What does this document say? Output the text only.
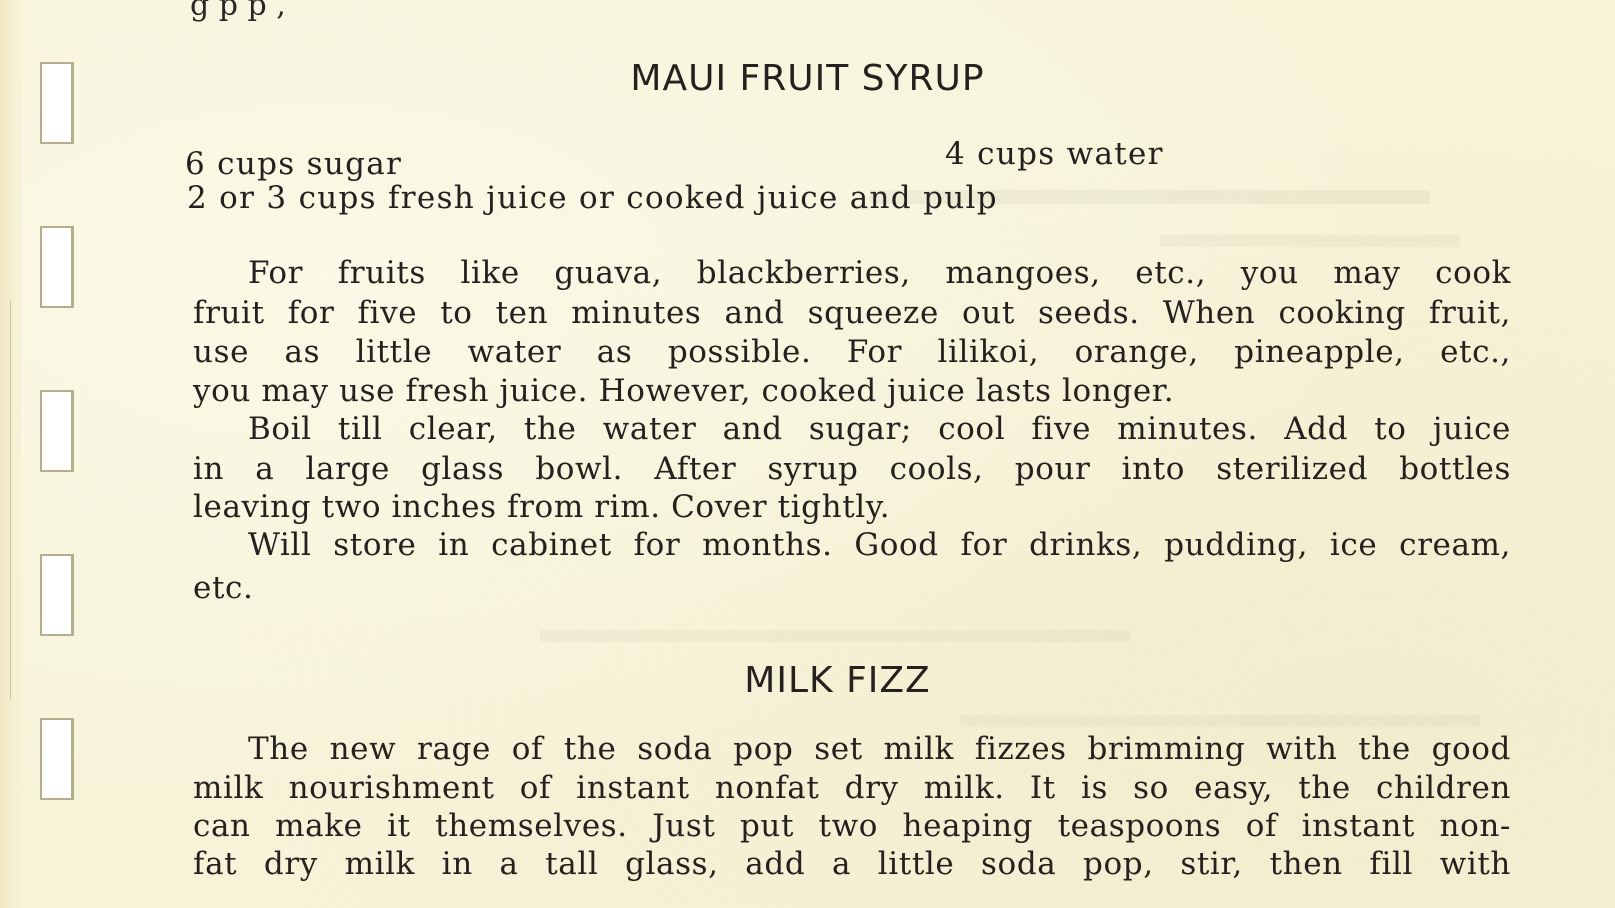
g p p ,
MAUI FRUIT SYRUP
6 cups sugar	4 cups water
2 or 3 cups fresh juice or cooked juice and pulp
For fruits like guava, blackberries, mangoes, etc., you may cook
fruit for five to ten minutes and squeeze out seeds. When cooking fruit,
use as little water as possible. For lilikoi, orange, pineapple, etc.,
you may use fresh juice. However, cooked juice lasts longer.
Boil till clear, the water and sugar; cool five minutes. Add to juice
in a large glass bowl. After syrup cools, pour into sterilized bottles
leaving two inches from rim. Cover tightly.
Will store in cabinet for months. Good for drinks, pudding, ice cream,
etc.
MILK FIZZ
The new rage of the soda pop set milk fizzes brimming with the good
milk nourishment of instant nonfat dry milk. It is so easy, the children
can make it themselves. Just put two heaping teaspoons of instant non-
fat dry milk in a tall glass, add a little soda pop, stir, then fill with
